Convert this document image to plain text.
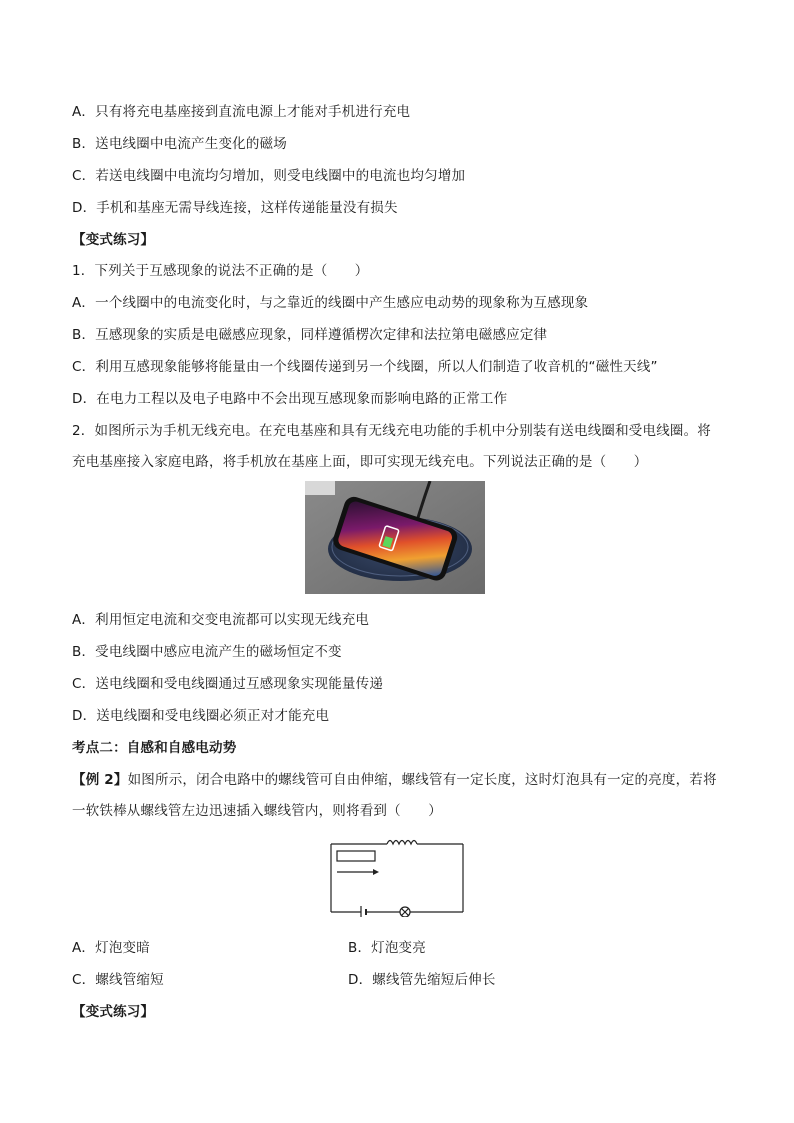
A．只有将充电基座接到直流电源上才能对手机进行充电
B．送电线圈中电流产生变化的磁场
C．若送电线圈中电流均匀增加，则受电线圈中的电流也均匀增加
D．手机和基座无需导线连接，这样传递能量没有损失
【变式练习】
1．下列关于互感现象的说法不正确的是（　　）
A．一个线圈中的电流变化时，与之靠近的线圈中产生感应电动势的现象称为互感现象
B．互感现象的实质是电磁感应现象，同样遵循楞次定律和法拉第电磁感应定律
C．利用互感现象能够将能量由一个线圈传递到另一个线圈，所以人们制造了收音机的“磁性天线”
D．在电力工程以及电子电路中不会出现互感现象而影响电路的正常工作
2．如图所示为手机无线充电。在充电基座和具有无线充电功能的手机中分别装有送电线圈和受电线圈。将
充电基座接入家庭电路，将手机放在基座上面，即可实现无线充电。下列说法正确的是（　　）
A．利用恒定电流和交变电流都可以实现无线充电
B．受电线圈中感应电流产生的磁场恒定不变
C．送电线圈和受电线圈通过互感现象实现能量传递
D．送电线圈和受电线圈必须正对才能充电
考点二：自感和自感电动势
【例 2】如图所示，闭合电路中的螺线管可自由伸缩，螺线管有一定长度，这时灯泡具有一定的亮度，若将
一软铁棒从螺线管左边迅速插入螺线管内，则将看到（　　）
A．灯泡变暗	B．灯泡变亮
C．螺线管缩短	D．螺线管先缩短后伸长
【变式练习】
